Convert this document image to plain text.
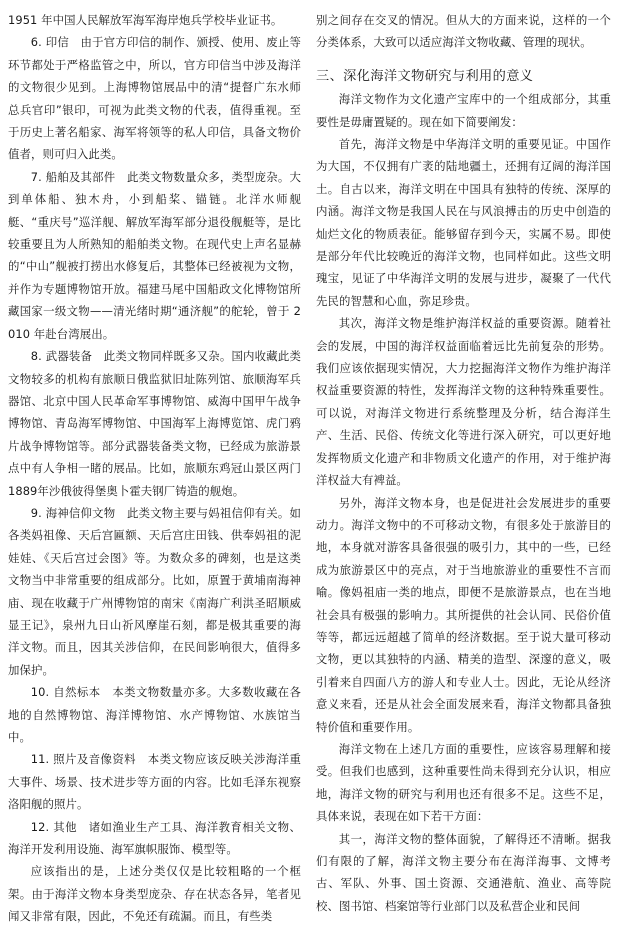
1951 年中国人民解放军海军海岸炮兵学校毕业证书。

6. 印信　由于官方印信的制作、颁授、使用、废止等环节都处于严格监管之中，所以，官方印信当中涉及海洋的文物很少见到。上海博物馆展品中的清“提督广东水师总兵官印”银印，可视为此类文物的代表，值得重视。至于历史上著名船家、海军将领等的私人印信，具备文物价值者，则可归入此类。

7. 船舶及其部件　此类文物数量众多，类型庞杂。大到单体船、独木舟，小到船桨、锚链。北洋水师舰艇、“重庆号”巡洋舰、解放军海军部分退役舰艇等，是比较重要且为人所熟知的船舶类文物。在现代史上声名显赫的“中山”舰被打捞出水修复后，其整体已经被视为文物，并作为专题博物馆开放。福建马尾中国船政文化博物馆所藏国家一级文物——清光绪时期“通济舰”的舵轮，曾于 2010 年赴台湾展出。

8. 武器装备　此类文物同样既多又杂。国内收藏此类文物较多的机构有旅顺日俄监狱旧址陈列馆、旅顺海军兵器馆、北京中国人民革命军事博物馆、威海中国甲午战争博物馆、青岛海军博物馆、中国海军上海博览馆、虎门鸦片战争博物馆等。部分武器装备类文物，已经成为旅游景点中有人争相一睹的展品。比如，旅顺东鸡冠山景区两门1889年沙俄彼得堡奥卜霍夫钢厂铸造的舰炮。

9. 海神信仰文物　此类文物主要与妈祖信仰有关。如各类妈祖像、天后宫匾额、天后宫庄田钱、供奉妈祖的泥娃娃、《天后宫过会图》等。为数众多的碑刻，也是这类文物当中非常重要的组成部分。比如，原置于黄埔南海神庙、现在收藏于广州博物馆的南宋《南海广利洪圣昭顺威显王记》，泉州九日山祈风摩崖石刻，都是极其重要的海洋文物。而且，因其关涉信仰，在民间影响很大，值得多加保护。

10. 自然标本　本类文物数量亦多。大多数收藏在各地的自然博物馆、海洋博物馆、水产博物馆、水族馆当中。

11. 照片及音像资料　本类文物应该反映关涉海洋重大事件、场景、技术进步等方面的内容。比如毛泽东视察洛阳舰的照片。

12. 其他　诸如渔业生产工具、海洋教育相关文物、海洋开发利用设施、海军旗帜服饰、模型等。

应该指出的是，上述分类仅仅是比较粗略的一个框架。由于海洋文物本身类型庞杂、存在状态各异，笔者见闻又非常有限，因此，不免还有疏漏。而且，有些类

别之间存在交叉的情况。但从大的方面来说，这样的一个分类体系，大致可以适应海洋文物收藏、管理的现状。

三、深化海洋文物研究与利用的意义

海洋文物作为文化遗产宝库中的一个组成部分，其重要性是毋庸置疑的。现在如下简要阐发：

首先，海洋文物是中华海洋文明的重要见证。中国作为大国，不仅拥有广袤的陆地疆土，还拥有辽阔的海洋国土。自古以来，海洋文明在中国具有独特的传统、深厚的内涵。海洋文物是我国人民在与风浪搏击的历史中创造的灿烂文化的物质表征。能够留存到今天，实属不易。即使是部分年代比较晚近的海洋文物，也同样如此。这些文明瑰宝，见证了中华海洋文明的发展与进步，凝聚了一代代先民的智慧和心血，弥足珍贵。

其次，海洋文物是维护海洋权益的重要资源。随着社会的发展，中国的海洋权益面临着远比先前复杂的形势。我们应该依据现实情况，大力挖掘海洋文物作为维护海洋权益重要资源的特性，发挥海洋文物的这种特殊重要性。可以说，对海洋文物进行系统整理及分析，结合海洋生产、生活、民俗、传统文化等进行深入研究，可以更好地发挥物质文化遗产和非物质文化遗产的作用，对于维护海洋权益大有裨益。

另外，海洋文物本身，也是促进社会发展进步的重要动力。海洋文物中的不可移动文物，有很多处于旅游目的地，本身就对游客具备很强的吸引力，其中的一些，已经成为旅游景区中的亮点，对于当地旅游业的重要性不言而喻。像妈祖庙一类的地点，即便不是旅游景点，也在当地社会具有极强的影响力。其所提供的社会认同、民俗价值等等，都远远超越了简单的经济数据。至于说大量可移动文物，更以其独特的内涵、精美的造型、深邃的意义，吸引着来自四面八方的游人和专业人士。因此，无论从经济意义来看，还是从社会全面发展来看，海洋文物都具备独特价值和重要作用。

海洋文物在上述几方面的重要性，应该容易理解和接受。但我们也感到，这种重要性尚未得到充分认识，相应地，海洋文物的研究与利用也还有很多不足。这些不足，具体来说，表现在如下若干方面：

其一，海洋文物的整体面貌，了解得还不清晰。据我们有限的了解，海洋文物主要分布在海洋海事、文博考古、军队、外事、国土资源、交通港航、渔业、高等院校、图书馆、档案馆等行业部门以及私营企业和民间
